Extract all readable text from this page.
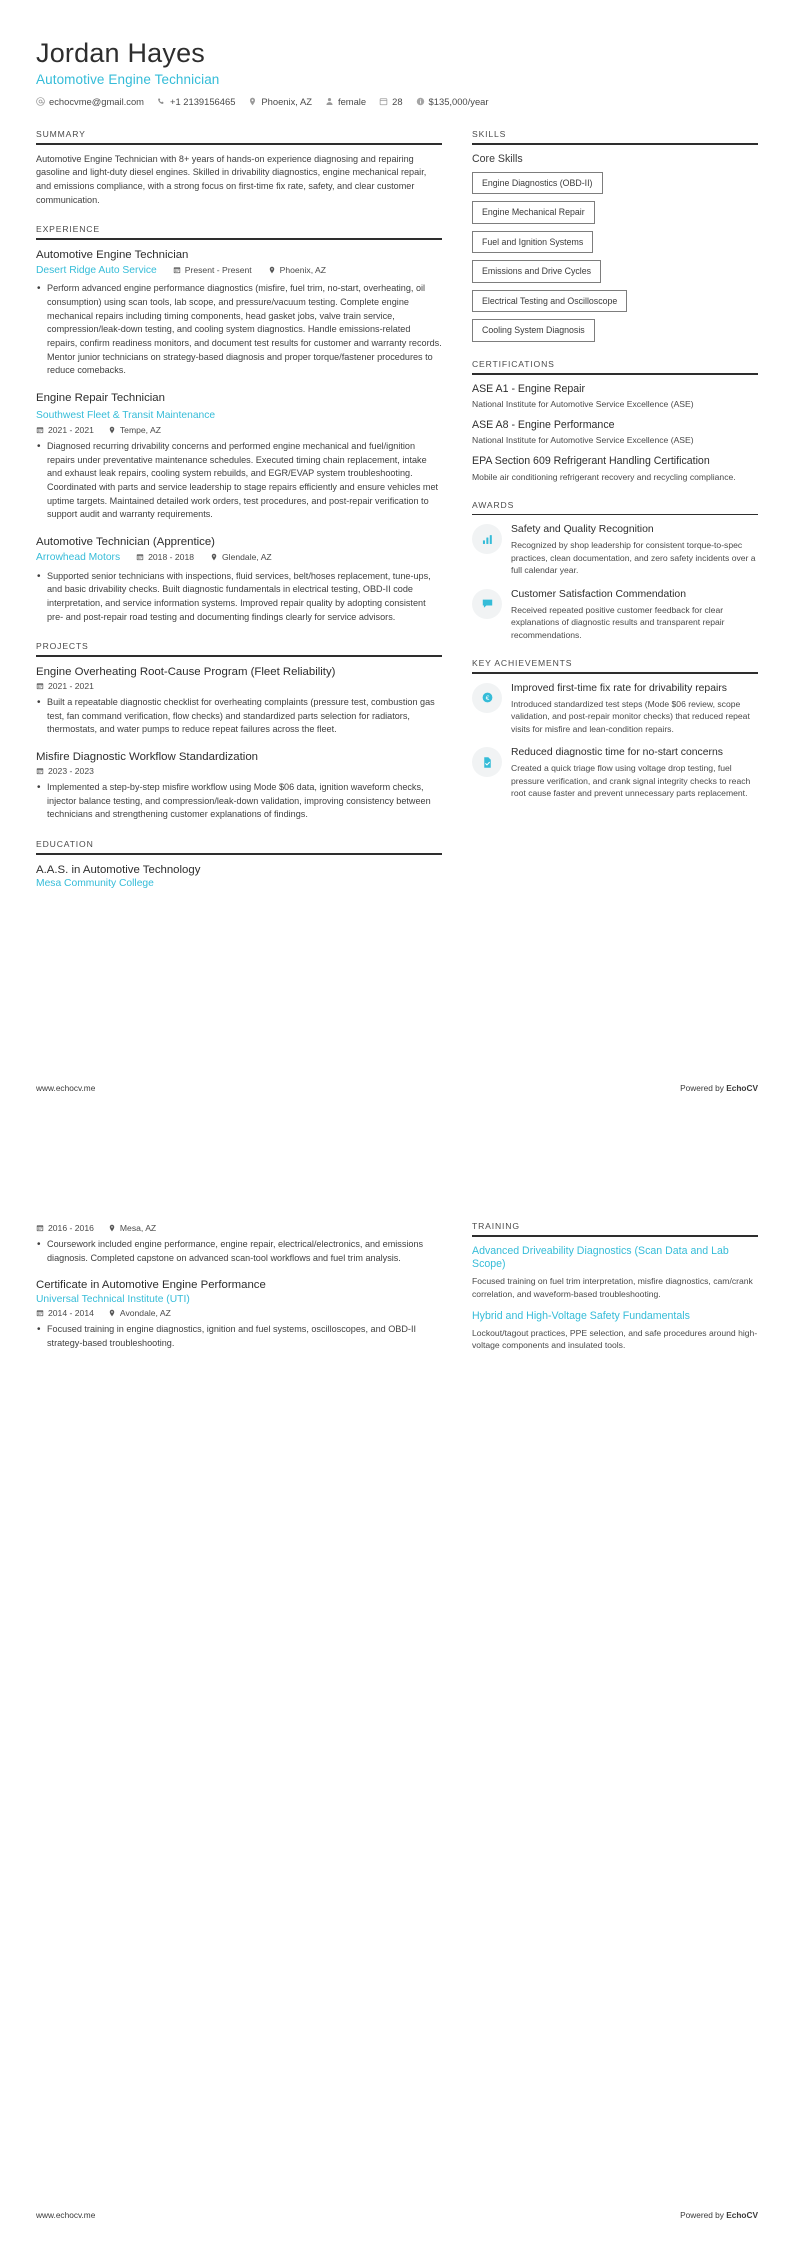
Jordan Hayes
Automotive Engine Technician
echocvme@gmail.com	+1 2139156465	Phoenix, AZ	female	28	$135,000/year
SUMMARY
Automotive Engine Technician with 8+ years of hands-on experience diagnosing and repairing gasoline and light-duty diesel engines. Skilled in drivability diagnostics, engine mechanical repair, and emissions compliance, with a strong focus on first-time fix rate, safety, and clear customer communication.
EXPERIENCE
Automotive Engine Technician
Desert Ridge Auto Service	Present - Present	Phoenix, AZ
• Perform advanced engine performance diagnostics (misfire, fuel trim, no-start, overheating, oil consumption) using scan tools, lab scope, and pressure/vacuum testing. Complete engine mechanical repairs including timing components, head gasket jobs, valve train service, compression/leak-down testing, and cooling system diagnostics. Handle emissions-related repairs, confirm readiness monitors, and document test results for customer and warranty records. Mentor junior technicians on strategy-based diagnosis and proper torque/fastener procedures to reduce comebacks.
Engine Repair Technician
Southwest Fleet & Transit Maintenance
2021 - 2021	Tempe, AZ
• Diagnosed recurring drivability concerns and performed engine mechanical and fuel/ignition repairs under preventative maintenance schedules. Executed timing chain replacement, intake and exhaust leak repairs, cooling system rebuilds, and EGR/EVAP system troubleshooting. Coordinated with parts and service leadership to stage repairs efficiently and ensure vehicles met uptime targets. Maintained detailed work orders, test procedures, and post-repair verification to support audit and warranty requirements.
Automotive Technician (Apprentice)
Arrowhead Motors	2018 - 2018	Glendale, AZ
• Supported senior technicians with inspections, fluid services, belt/hoses replacement, tune-ups, and basic drivability checks. Built diagnostic fundamentals in electrical testing, OBD-II code interpretation, and service information systems. Improved repair quality by adopting consistent pre- and post-repair road testing and documenting findings clearly for service advisors.
PROJECTS
Engine Overheating Root-Cause Program (Fleet Reliability)
2021 - 2021
• Built a repeatable diagnostic checklist for overheating complaints (pressure test, combustion gas test, fan command verification, flow checks) and standardized parts selection for radiators, thermostats, and water pumps to reduce repeat failures across the fleet.
Misfire Diagnostic Workflow Standardization
2023 - 2023
• Implemented a step-by-step misfire workflow using Mode $06 data, ignition waveform checks, injector balance testing, and compression/leak-down validation, improving consistency between technicians and strengthening customer explanations of findings.
EDUCATION
A.A.S. in Automotive Technology
Mesa Community College
SKILLS
Core Skills
Engine Diagnostics (OBD-II)
Engine Mechanical Repair
Fuel and Ignition Systems
Emissions and Drive Cycles
Electrical Testing and Oscilloscope
Cooling System Diagnosis
CERTIFICATIONS
ASE A1 - Engine Repair
National Institute for Automotive Service Excellence (ASE)
ASE A8 - Engine Performance
National Institute for Automotive Service Excellence (ASE)
EPA Section 609 Refrigerant Handling Certification
Mobile air conditioning refrigerant recovery and recycling compliance.
AWARDS
Safety and Quality Recognition
Recognized by shop leadership for consistent torque-to-spec practices, clean documentation, and zero safety incidents over a full calendar year.
Customer Satisfaction Commendation
Received repeated positive customer feedback for clear explanations of diagnostic results and transparent repair recommendations.
KEY ACHIEVEMENTS
€
Improved first-time fix rate for drivability repairs
Introduced standardized test steps (Mode $06 review, scope validation, and post-repair monitor checks) that reduced repeat visits for misfire and lean-condition repairs.
Reduced diagnostic time for no-start concerns
Created a quick triage flow using voltage drop testing, fuel pressure verification, and crank signal integrity checks to reach root cause faster and prevent unnecessary parts replacement.
www.echocv.me	Powered by EchoCV
2016 - 2016	Mesa, AZ
• Coursework included engine performance, engine repair, electrical/electronics, and emissions diagnosis. Completed capstone on advanced scan-tool workflows and fuel trim analysis.
Certificate in Automotive Engine Performance
Universal Technical Institute (UTI)
2014 - 2014	Avondale, AZ
• Focused training in engine diagnostics, ignition and fuel systems, oscilloscopes, and OBD-II strategy-based troubleshooting.
TRAINING
Advanced Driveability Diagnostics (Scan Data and Lab Scope)
Focused training on fuel trim interpretation, misfire diagnostics, cam/crank correlation, and waveform-based troubleshooting.
Hybrid and High-Voltage Safety Fundamentals
Lockout/tagout practices, PPE selection, and safe procedures around high-voltage components and insulated tools.
www.echocv.me	Powered by EchoCV
